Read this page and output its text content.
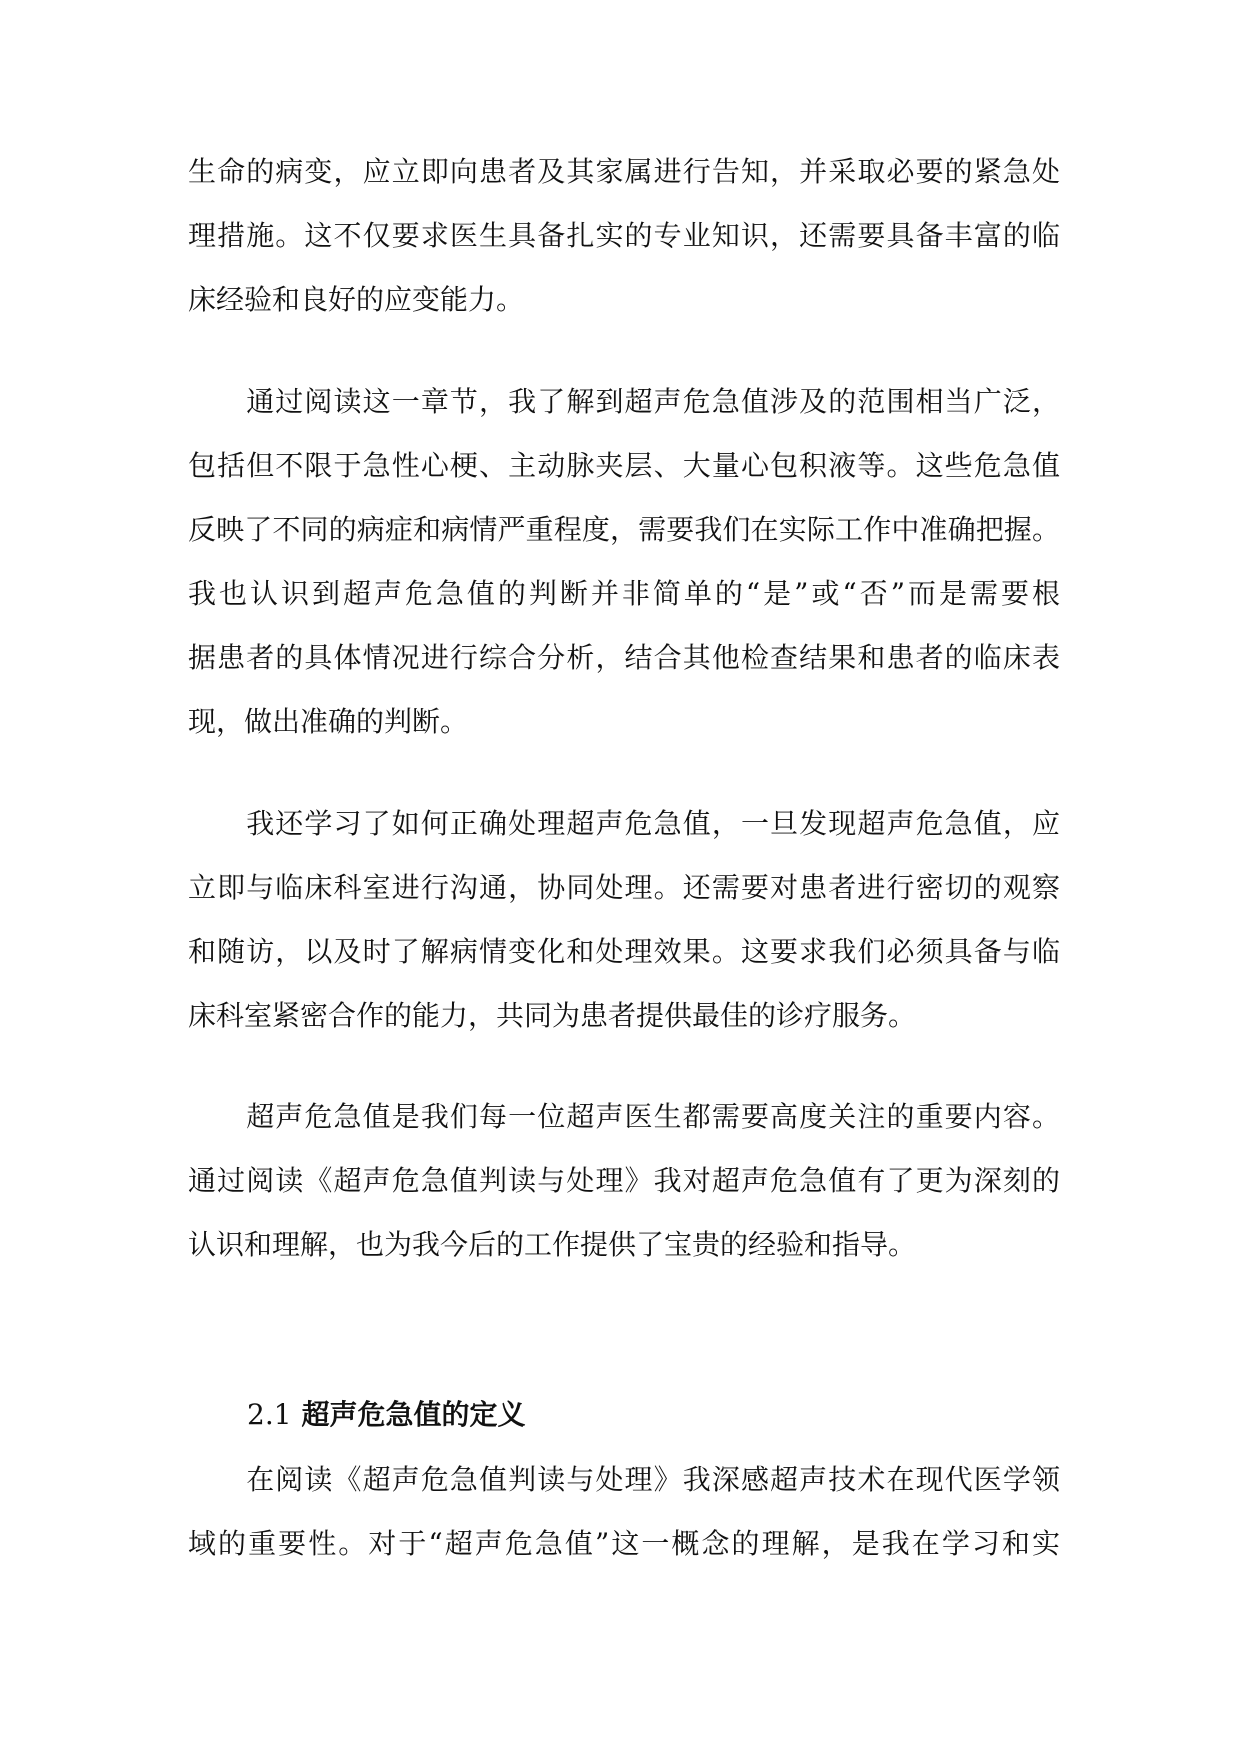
生命的病变，应立即向患者及其家属进行告知，并采取必要的紧急处
理措施。这不仅要求医生具备扎实的专业知识，还需要具备丰富的临
床经验和良好的应变能力。
　　通过阅读这一章节，我了解到超声危急值涉及的范围相当广泛，
包括但不限于急性心梗、主动脉夹层、大量心包积液等。这些危急值
反映了不同的病症和病情严重程度，需要我们在实际工作中准确把握。
我也认识到超声危急值的判断并非简单的“是”或“否”而是需要根
据患者的具体情况进行综合分析，结合其他检查结果和患者的临床表
现，做出准确的判断。
　　我还学习了如何正确处理超声危急值，一旦发现超声危急值，应
立即与临床科室进行沟通，协同处理。还需要对患者进行密切的观察
和随访，以及时了解病情变化和处理效果。这要求我们必须具备与临
床科室紧密合作的能力，共同为患者提供最佳的诊疗服务。
　　超声危急值是我们每一位超声医生都需要高度关注的重要内容。
通过阅读《超声危急值判读与处理》我对超声危急值有了更为深刻的
认识和理解，也为我今后的工作提供了宝贵的经验和指导。
2.1 超声危急值的定义
　　在阅读《超声危急值判读与处理》我深感超声技术在现代医学领
域的重要性。对于“超声危急值”这一概念的理解，是我在学习和实
